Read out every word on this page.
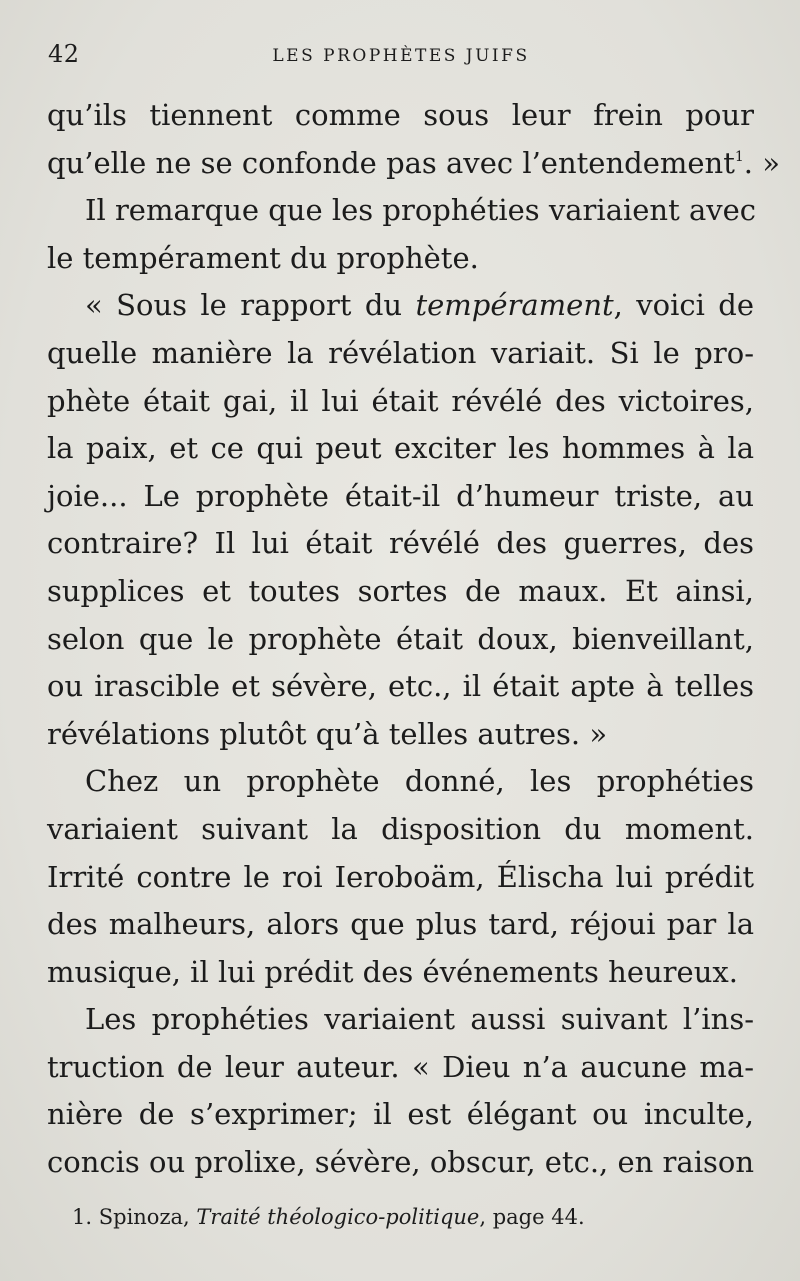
42	LES PROPHÈTES JUIFS
qu’ils tiennent comme sous leur frein pour
qu’elle ne se confonde pas avec l’entendement$^1$. »
Il remarque que les prophéties variaient avec
le tempérament du prophète.
« Sous le rapport du tempérament, voici de
quelle manière la révélation variait. Si le pro-
phète était gai, il lui était révélé des victoires,
la paix, et ce qui peut exciter les hommes à la
joie... Le prophète était-il d’humeur triste, au
contraire? Il lui était révélé des guerres, des
supplices et toutes sortes de maux. Et ainsi,
selon que le prophète était doux, bienveillant,
ou irascible et sévère, etc., il était apte à telles
révélations plutôt qu’à telles autres. »
Chez un prophète donné, les prophéties
variaient suivant la disposition du moment.
Irrité contre le roi Ieroboäm, Élischa lui prédit
des malheurs, alors que plus tard, réjoui par la
musique, il lui prédit des événements heureux.
Les prophéties variaient aussi suivant l’ins-
truction de leur auteur. « Dieu n’a aucune ma-
nière de s’exprimer; il est élégant ou inculte,
concis ou prolixe, sévère, obscur, etc., en raison
1. Spinoza, Traité théologico-politique, page 44.
